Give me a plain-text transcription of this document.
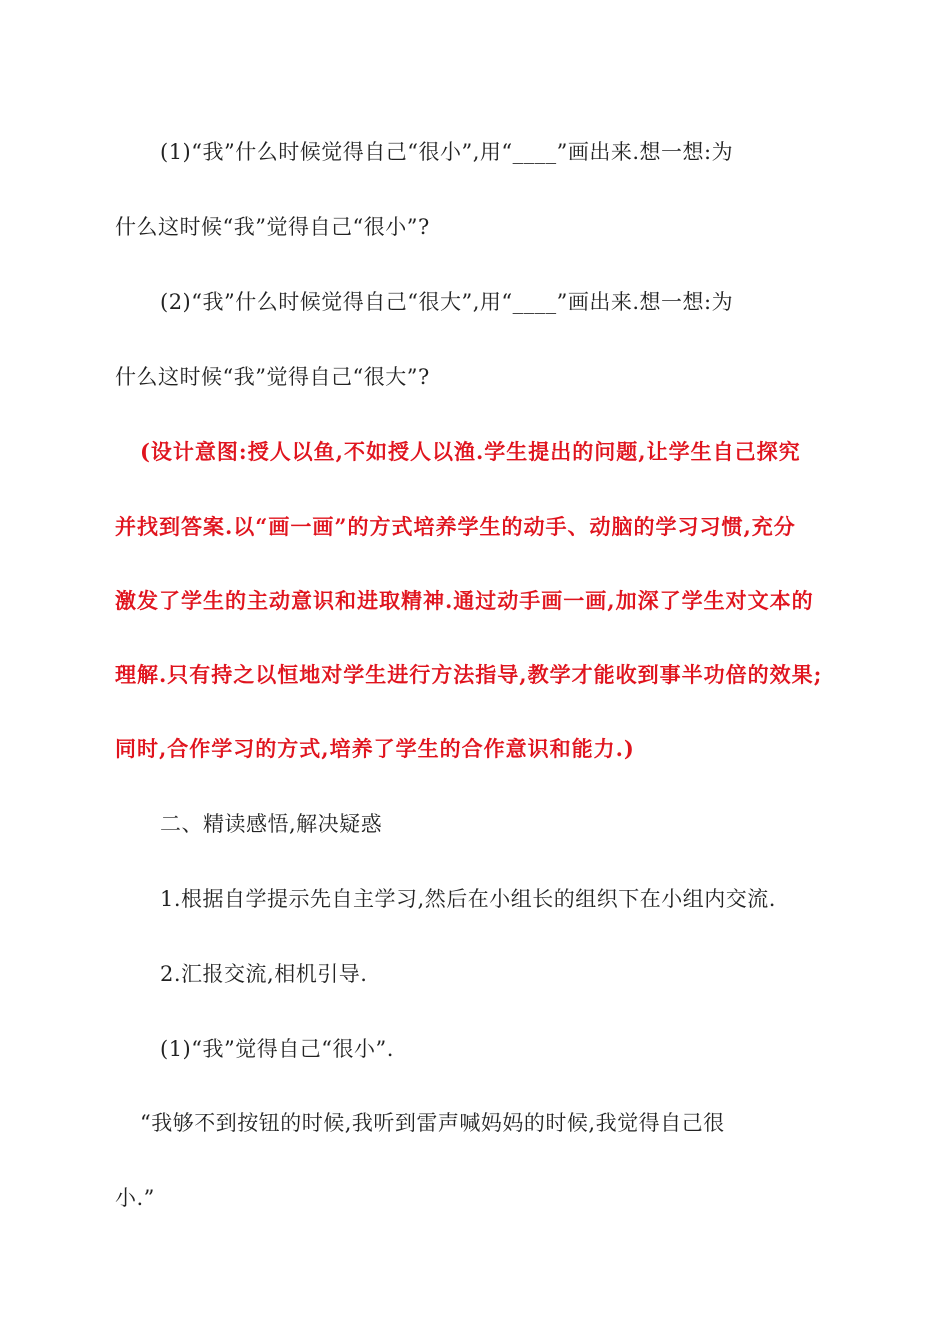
(1)“我”什么时候觉得自己“很小”,用“____”画出来.想一想:为
什么这时候“我”觉得自己“很小”?
(2)“我”什么时候觉得自己“很大”,用“____”画出来.想一想:为
什么这时候“我”觉得自己“很大”?
(设计意图:授人以鱼,不如授人以渔.学生提出的问题,让学生自己探究
并找到答案.以“画一画”的方式培养学生的动手、动脑的学习习惯,充分
激发了学生的主动意识和进取精神.通过动手画一画,加深了学生对文本的
理解.只有持之以恒地对学生进行方法指导,教学才能收到事半功倍的效果;
同时,合作学习的方式,培养了学生的合作意识和能力.)
二、精读感悟,解决疑惑
1.根据自学提示先自主学习,然后在小组长的组织下在小组内交流.
2.汇报交流,相机引导.
(1)“我”觉得自己“很小”.
“我够不到按钮的时候,我听到雷声喊妈妈的时候,我觉得自己很
小.”
